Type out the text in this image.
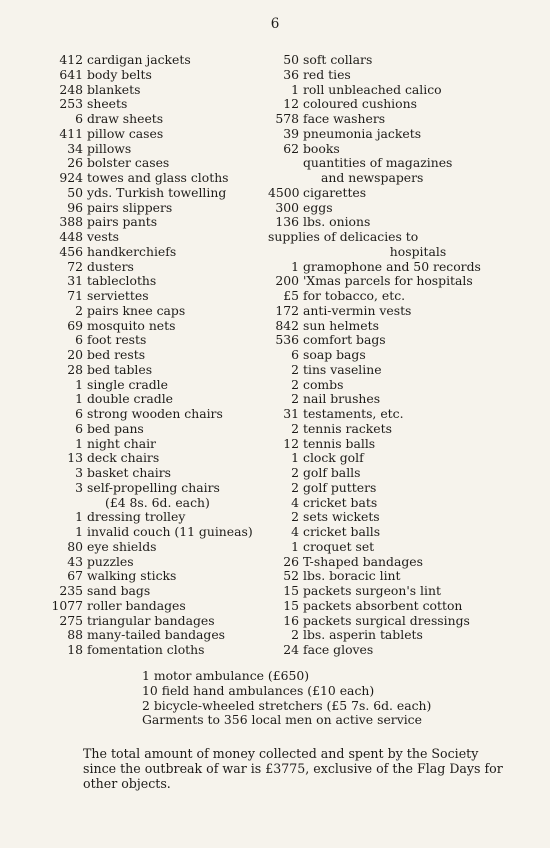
6
412 cardigan jackets
641 body belts
248 blankets
253 sheets
6 draw sheets
411 pillow cases
34 pillows
26 bolster cases
924 towes and glass cloths
50 yds. Turkish towelling
96 pairs slippers
388 pairs pants
448 vests
456 handkerchiefs
72 dusters
31 tablecloths
71 serviettes
2 pairs knee caps
69 mosquito nets
6 foot rests
20 bed rests
28 bed tables
1 single cradle
1 double cradle
6 strong wooden chairs
6 bed pans
1 night chair
13 deck chairs
3 basket chairs
3 self-propelling chairs
(£4 8s. 6d. each)
1 dressing trolley
1 invalid couch (11 guineas)
80 eye shields
43 puzzles
67 walking sticks
235 sand bags
1077 roller bandages
275 triangular bandages
88 many-tailed bandages
18 fomentation cloths
50 soft collars
36 red ties
1 roll unbleached calico
12 coloured cushions
578 face washers
39 pneumonia jackets
62 books
quantities of magazines
and newspapers
4500 cigarettes
300 eggs
136 lbs. onions
supplies of delicacies to
hospitals
1 gramophone and 50 records
200 'Xmas parcels for hospitals
£5 for tobacco, etc.
172 anti-vermin vests
842 sun helmets
536 comfort bags
6 soap bags
2 tins vaseline
2 combs
2 nail brushes
31 testaments, etc.
2 tennis rackets
12 tennis balls
1 clock golf
2 golf balls
2 golf putters
4 cricket bats
2 sets wickets
4 cricket balls
1 croquet set
26 T-shaped bandages
52 lbs. boracic lint
15 packets surgeon's lint
15 packets absorbent cotton
16 packets surgical dressings
2 lbs. asperin tablets
24 face gloves
1 motor ambulance (£650)
10 field hand ambulances (£10 each)
2 bicycle-wheeled stretchers (£5 7s. 6d. each)
Garments to 356 local men on active service

The total amount of money collected and spent by the Society since the outbreak of war is £3775, exclusive of the Flag Days for other objects.
